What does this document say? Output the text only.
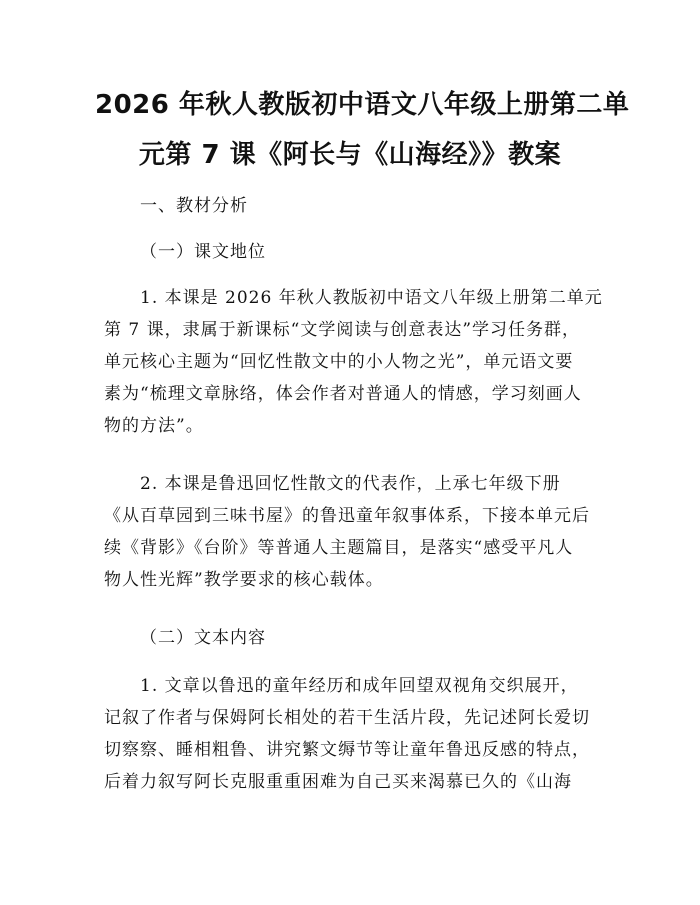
2026 年秋人教版初中语文八年级上册第二单
元第 7 课《阿长与《山海经》》教案
一、教材分析
（一）课文地位
1. 本课是 2026 年秋人教版初中语文八年级上册第二单元
第 7 课，隶属于新课标“文学阅读与创意表达”学习任务群，
单元核心主题为“回忆性散文中的小人物之光”，单元语文要
素为“梳理文章脉络，体会作者对普通人的情感，学习刻画人
物的方法”。
2. 本课是鲁迅回忆性散文的代表作，上承七年级下册
《从百草园到三味书屋》的鲁迅童年叙事体系，下接本单元后
续《背影》《台阶》等普通人主题篇目，是落实“感受平凡人
物人性光辉”教学要求的核心载体。
（二）文本内容
1. 文章以鲁迅的童年经历和成年回望双视角交织展开，
记叙了作者与保姆阿长相处的若干生活片段，先记述阿长爱切
切察察、睡相粗鲁、讲究繁文缛节等让童年鲁迅反感的特点，
后着力叙写阿长克服重重困难为自己买来渴慕已久的《山海
